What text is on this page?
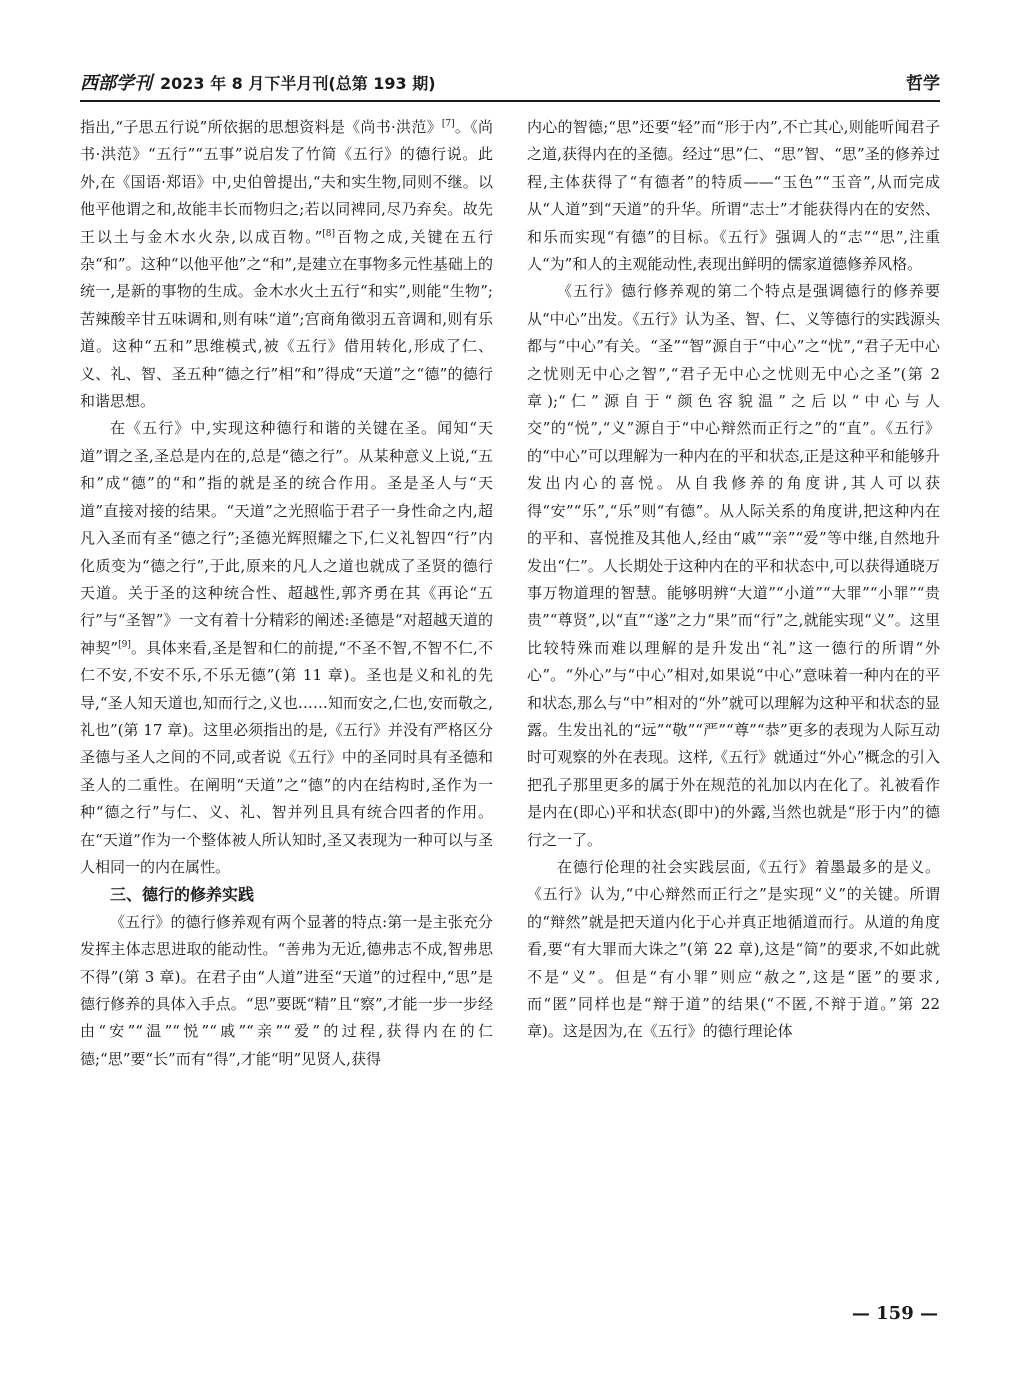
西部学刊 2023 年 8 月下半月刊(总第 193 期)	哲学

指出,“子思五行说”所依据的思想资料是《尚书·洪范》[7]。《尚书·洪范》“五行”“五事”说启发了竹简《五行》的德行说。此外,在《国语·郑语》中,史伯曾提出,“夫和实生物,同则不继。以他平他谓之和,故能丰长而物归之;若以同裨同,尽乃弃矣。故先王以土与金木水火杂,以成百物。”[8]百物之成,关键在五行杂“和”。这种“以他平他”之“和”,是建立在事物多元性基础上的统一,是新的事物的生成。金木水火土五行“和实”,则能“生物”;苦辣酸辛甘五味调和,则有味“道”;宫商角徵羽五音调和,则有乐道。这种“五和”思维模式,被《五行》借用转化,形成了仁、义、礼、智、圣五种“德之行”相“和”得成“天道”之“德”的德行和谐思想。

在《五行》中,实现这种德行和谐的关键在圣。闻知“天道”谓之圣,圣总是内在的,总是“德之行”。从某种意义上说,“五和”成“德”的“和”指的就是圣的统合作用。圣是圣人与“天道”直接对接的结果。“天道”之光照临于君子一身性命之内,超凡入圣而有圣“德之行”;圣德光辉照耀之下,仁义礼智四“行”内化质变为“德之行”,于此,原来的凡人之道也就成了圣贤的德行天道。关于圣的这种统合性、超越性,郭齐勇在其《再论“五行”与“圣智”》一文有着十分精彩的阐述:圣德是“对超越天道的神契”[9]。具体来看,圣是智和仁的前提,“不圣不智,不智不仁,不仁不安,不安不乐,不乐无德”(第 11 章)。圣也是义和礼的先导,“圣人知天道也,知而行之,义也……知而安之,仁也,安而敬之,礼也”(第 17 章)。这里必须指出的是,《五行》并没有严格区分圣德与圣人之间的不同,或者说《五行》中的圣同时具有圣德和圣人的二重性。在阐明“天道”之“德”的内在结构时,圣作为一种“德之行”与仁、义、礼、智并列且具有统合四者的作用。在“天道”作为一个整体被人所认知时,圣又表现为一种可以与圣人相同一的内在属性。

三、德行的修养实践

《五行》的德行修养观有两个显著的特点:第一是主张充分发挥主体志思进取的能动性。“善弗为无近,德弗志不成,智弗思不得”(第 3 章)。在君子由“人道”进至“天道”的过程中,“思”是德行修养的具体入手点。“思”要既“精”且“察”,才能一步一步经由“安”“温”“悦”“戚”“亲”“爱”的过程,获得内在的仁德;“思”要“长”而有“得”,才能“明”见贤人,获得

内心的智德;“思”还要“轻”而“形于内”,不亡其心,则能听闻君子之道,获得内在的圣德。经过“思”仁、“思”智、“思”圣的修养过程,主体获得了“有德者”的特质——“玉色”“玉音”,从而完成从“人道”到“天道”的升华。所谓“志士”才能获得内在的安然、和乐而实现“有德”的目标。《五行》强调人的“志”“思”,注重人“为”和人的主观能动性,表现出鲜明的儒家道德修养风格。

《五行》德行修养观的第二个特点是强调德行的修养要从“中心”出发。《五行》认为圣、智、仁、义等德行的实践源头都与“中心”有关。“圣”“智”源自于“中心”之“忧”,“君子无中心之忧则无中心之智”,“君子无中心之忧则无中心之圣”(第 2 章);“仁”源自于“颜色容貌温”之后以“中心与人交”的“悦”,“义”源自于“中心辩然而正行之”的“直”。《五行》的“中心”可以理解为一种内在的平和状态,正是这种平和能够升发出内心的喜悦。从自我修养的角度讲,其人可以获得“安”“乐”,“乐”则“有德”。从人际关系的角度讲,把这种内在的平和、喜悦推及其他人,经由“戚”“亲”“爱”等中继,自然地升发出“仁”。人长期处于这种内在的平和状态中,可以获得通晓万事万物道理的智慧。能够明辨“大道”“小道”“大罪”“小罪”“贵贵”“尊贤”,以“直”“遂”之力“果”而“行”之,就能实现“义”。这里比较特殊而难以理解的是升发出“礼”这一德行的所谓“外心”。“外心”与“中心”相对,如果说“中心”意味着一种内在的平和状态,那么与“中”相对的“外”就可以理解为这种平和状态的显露。生发出礼的“远”“敬”“严”“尊”“恭”更多的表现为人际互动时可观察的外在表现。这样,《五行》就通过“外心”概念的引入把孔子那里更多的属于外在规范的礼加以内在化了。礼被看作是内在(即心)平和状态(即中)的外露,当然也就是“形于内”的德行之一了。

在德行伦理的社会实践层面,《五行》着墨最多的是义。《五行》认为,“中心辩然而正行之”是实现“义”的关键。所谓的“辩然”就是把天道内化于心并真正地循道而行。从道的角度看,要“有大罪而大诛之”(第 22 章),这是“简”的要求,不如此就不是“义”。但是“有小罪”则应“赦之”,这是“匿”的要求,而“匿”同样也是“辩于道”的结果(“不匿,不辩于道。”第 22 章)。这是因为,在《五行》的德行理论体

— 159 —
